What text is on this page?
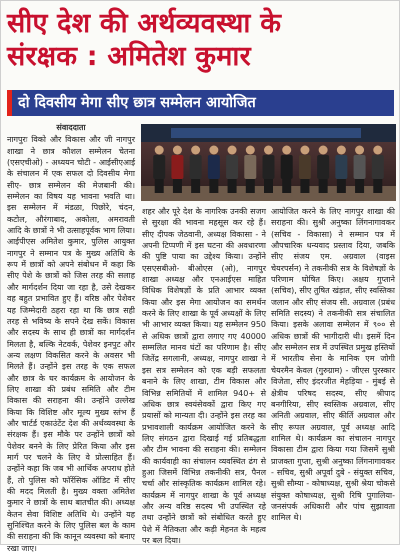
सीए देश की अर्थव्यवस्था के
संरक्षक : अमितेश कुमार
दो दिवसीय मेगा सीए छात्र सम्मेलन आयोजित
संवाददाता

नागपुरः विको और विकास और जी नागपुर शाखा ने छात्र कौशल सम्मेलन चेतना (एसएचीओ) - अध्ययन चोटी - आईसीएआई के संचालन में एक सफल दो दिवसीय मेगा सीए- छात्र सम्मेलन की मेजबानी की। सम्मेलन का विषय यह भावना भवति था। इस सम्मेलन में मंडळा, पिछोरे, चंदन, कटोल, औरंगाबाद, अकोला, अमरावती आदि के छात्रों ने भी उत्साहपूर्वक भाग लिया। आईपीएस अमितेश कुमार, पुलिस आयुक्त नागपुर ने सम्मान पत्र के मुख्य अतिथि के रूप में छात्रों को अपने संबोधन में कहा कि सीए पेशे के छात्रों को जिस तरह की सलाह और मार्गदर्शन दिया जा रहा है, उसे देखकर वह बहुत प्रभावित हुए हैं। वरिष्ठ और पेशेवर यह जिम्मेदारी ठहरा रहा था कि छात्र सही तरह से भविष्य के सपने देख सकें। विकास और सदस्य के साथ ही छात्रों का मार्गदर्शन मिलता है, बल्कि नेटवर्क, पेशेवर इनपुट और अन्य लक्षण विकसित करने के अवसर भी मिलते हैं। उन्होंने इस तरह के एक सफल और छात्र के घर कार्यक्रम के आयोजन के लिए शाखा की प्रबंध समिति और टीम विकास की सराहना की। उन्होंने उल्लेख किया कि विशिष्ट और मूल्य मुख्य स्तंभ हैं और चार्टर्ड एकाउंटेंट देश की अर्थव्यवस्था के संरक्षक हैं। इस मौके पर उन्होंने छात्रों को पेशेवर बनने के लिए प्रेरित किया और इस मार्ग पर चलने के लिए वे प्रोत्साहित हैं। उन्होंने कहा कि जब भी आर्थिक अपराध होते हैं, तो पुलिस को फॉरेंसिक ऑडिट में सीए की मदद मिलती है। मुख्य वक्ता अमितेश कुमार ने छात्रों के साथ बातचीत की। अध्यक्ष केतन सेवा विशिष्ट अतिथि थे। उन्होंने यह सुनिश्चित करने के लिए पुलिस बल के काम की सराहना की कि कानून व्यवस्था को बनाए रखा जाए।

शहर और पूरे देश के नागरिक उनकी सजग से सुरक्षा की भावना महसूस कर रहे हैं। सीए दीपक जेठवानी, अध्यक्ष विकासा - ने अपनी टिप्पणी में इस घटना की अवधारणा की पुष्टि पाया का उद्देश्य किया। उन्होंने एसएसबीओ- बीओएस (ओ), नागपुर शाखा अध्यक्ष और एनआईएस माहित विधिक विशेषज्ञों के प्रति आभार व्यक्त किया और इस मेगा आयोजन का समर्थन करने के लिए शाखा के पूर्व अध्यक्षों के लिए भी आभार व्यक्त किया। यह सम्मेलन 950 से अधिक छात्रों द्वारा लगाए गए 40000 सम्मलित मानव घंटों का परिणाम है। सीए जितेंद्र सगलानी, अध्यक्ष, नागपुर शाखा ने इस सत्र सम्मेलन को एक बड़ी सफलता बनाने के लिए शाखा, टीम विकास और विभिन्न समितियों में शामिल 940+ से अधिक छात्र स्वयंसेवकों द्वारा किए गए प्रयासों को मान्यता दी। उन्होंने इस तरह का प्रभावशाली कार्यक्रम आयोजित करने के लिए संगठन द्वारा दिखाई गई प्रतिबद्धता और टीम भावना की सराहना की। सम्मेलन की कार्यवाही का संचालन व्यवस्थित ढंग से हुआ जिसमें विभिन्न तकनीकी सत्र, पैनल चर्चा और सांस्कृतिक कार्यक्रम शामिल रहे। कार्यक्रम में नागपुर शाखा के पूर्व अध्यक्ष और अन्य वरिष्ठ सदस्य भी उपस्थित रहे तथा उन्होंने छात्रों को संबोधित करते हुए पेशे में नैतिकता और कड़ी मेहनत के महत्व पर बल दिया।

आयोजित करने के लिए नागपुर शाखा की सराहना की। सुश्री अनुष्का लिंगनागावकर (सचिव - विकासा) ने सम्मान पत्र में औपचारिक धन्यवाद प्रस्ताव दिया, जबकि सीए संजय एम. अग्रवाल (वाइस चेयरपर्सन) ने तकनीकी सत्र के विशेषज्ञों के परिणाम घोषित किए। अक्षय गुप्ताने (सचिव), सीए तुषित खंड़ात, सीए स्वस्तिका जलान और सीए संजय सी. अग्रवाल (प्रबंध समिति सदस्य) ने तकनीकी सत्र संचालित किया। इसके अलावा सम्मेलन में ९०० से अधिक छात्रों की भागीदारी थी। इसमें दिन और सम्मेलन सत्र में उपस्थित प्रमुख हस्तियों में भारतीय सेना के मानिक एम जोगी चेयरमैन केवल (गुरुग्राम) - जीएस पुरस्कार विजेता, सीए इंदरजीत मेहड़िया - मुंबई से क्षेत्रीय परिषद सदस्य, सीए श्रीपाद बनगीरिया, सीए स्वस्तिक अग्रवाल, सीए अनिती अग्रवाल, सीए कीर्ति अग्रवाल और सीए रूपल अग्रवाल, पूर्व अध्यक्ष आदि शामिल थे। कार्यक्रम का संचालन नागपुर विकासा टीम द्वारा किया गया जिसमें सुश्री प्राजक्ता गुप्ता, सुश्री अनुष्का लिंगनागावकर - सचिव, सुश्री अपूर्वा दुबे - संयुक्त सचिव, सुश्री सौम्या - कोषाध्यक्ष, सुश्री श्रेया चोकसे संयुक्त कोषाध्यक्ष, सुश्री रिषि पुगालिया-जनसंपर्क अधिकारी और पांच सुझावता शामिल थे।
